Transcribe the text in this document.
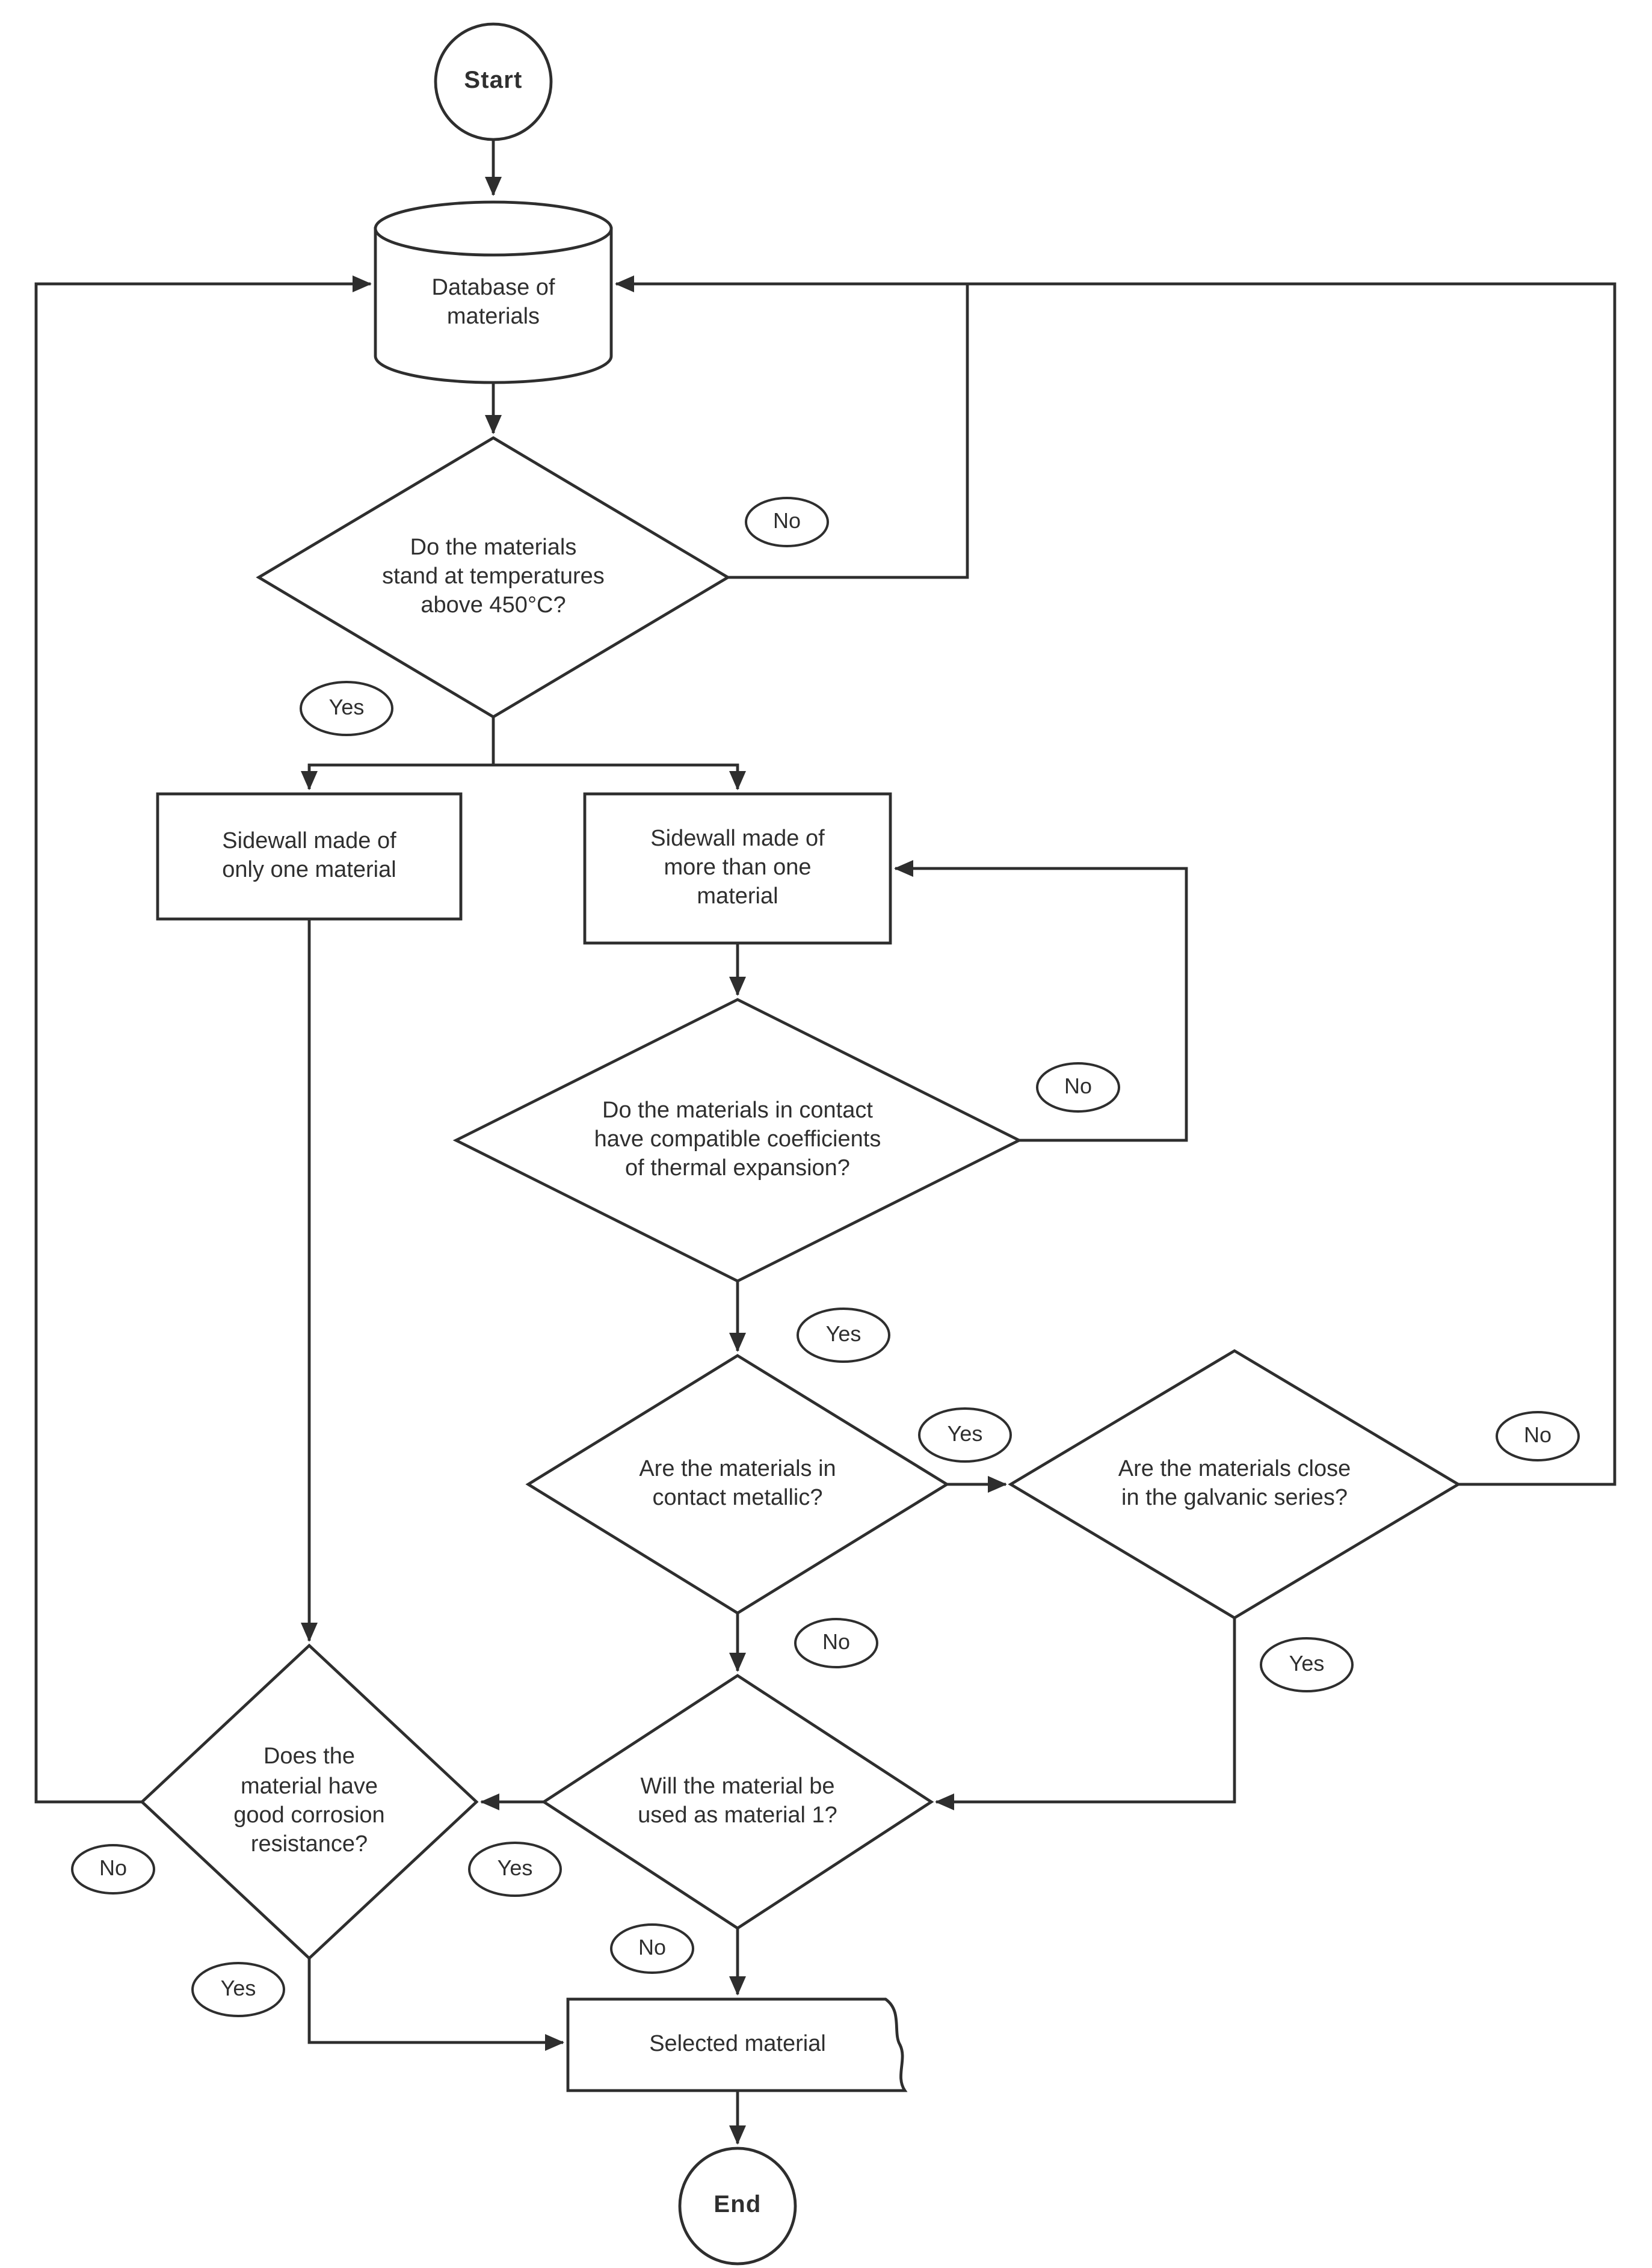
Start
Database of materials
Do the materials stand at temperatures above 450°C?
Sidewall made of only one material
Sidewall made of more than one material
Do the materials in contact have compatible coefficients of thermal expansion?
Are the materials in contact metallic?
Are the materials close in the galvanic series?
Will the material be used as material 1?
Does the material have good corrosion resistance?
Selected material
End
No
Yes
No
Yes
Yes
No
No
Yes
Yes
No
No
Yes
